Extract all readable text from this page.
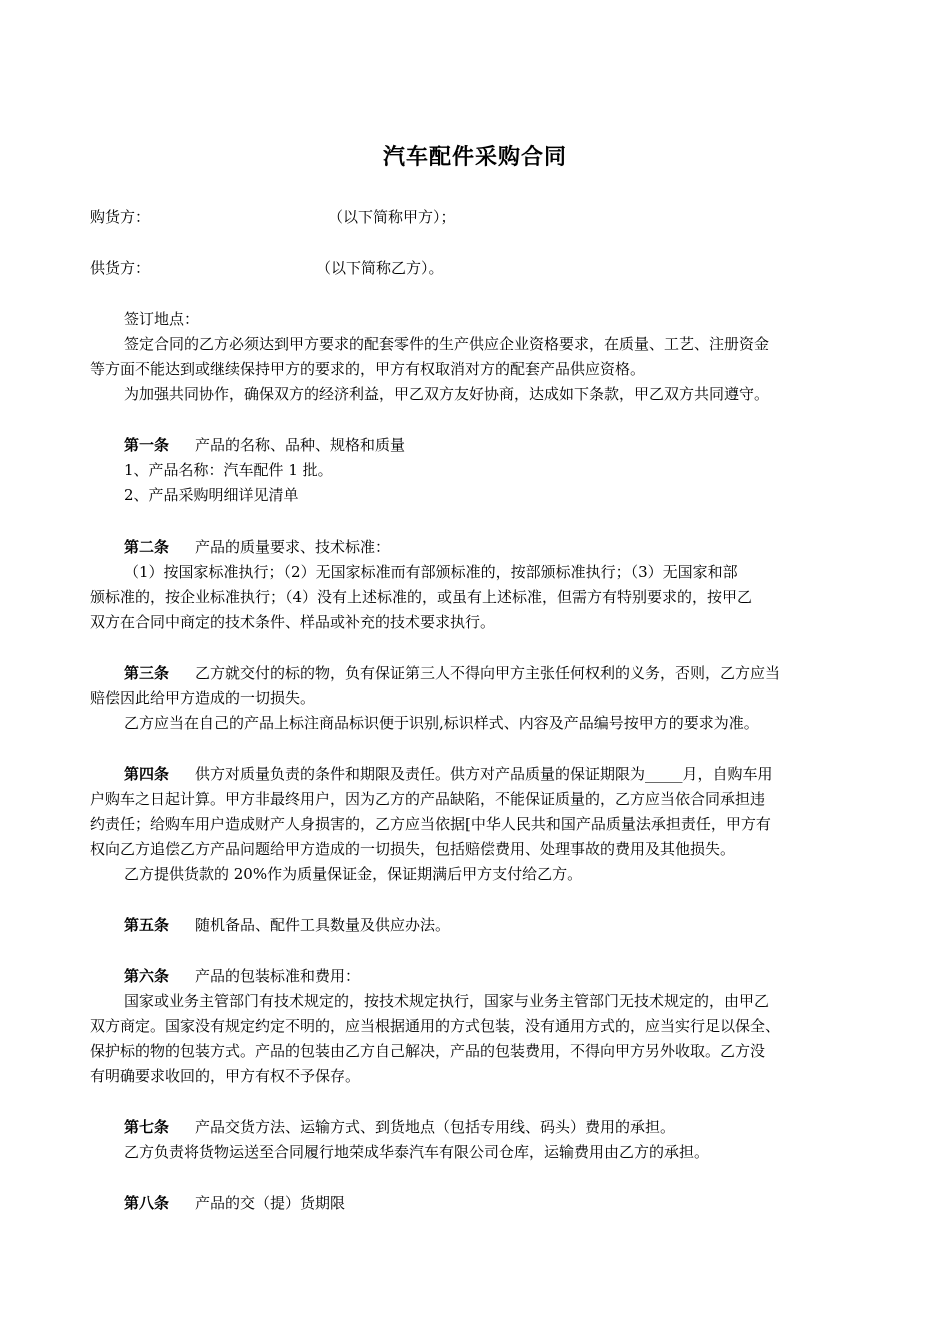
汽车配件采购合同
购货方：	（以下简称甲方）；
供货方：	（以下简称乙方）。
签订地点：
签定合同的乙方必须达到甲方要求的配套零件的生产供应企业资格要求，在质量、工艺、注册资金
等方面不能达到或继续保持甲方的要求的，甲方有权取消对方的配套产品供应资格。
为加强共同协作，确保双方的经济利益，甲乙双方友好协商，达成如下条款，甲乙双方共同遵守。
第一条 产品的名称、品种、规格和质量
1、产品名称：汽车配件 1 批。
2、产品采购明细详见清单
第二条 产品的质量要求、技术标准：
（1）按国家标准执行；（2）无国家标准而有部颁标准的，按部颁标准执行；（3）无国家和部
颁标准的，按企业标准执行；（4）没有上述标准的，或虽有上述标准，但需方有特别要求的，按甲乙
双方在合同中商定的技术条件、样品或补充的技术要求执行。
第三条 乙方就交付的标的物，负有保证第三人不得向甲方主张任何权利的义务，否则，乙方应当
赔偿因此给甲方造成的一切损失。
乙方应当在自己的产品上标注商品标识便于识别,标识样式、内容及产品编号按甲方的要求为准。
第四条 供方对质量负责的条件和期限及责任。供方对产品质量的保证期限为_____月，自购车用
户购车之日起计算。甲方非最终用户，因为乙方的产品缺陷，不能保证质量的，乙方应当依合同承担违
约责任；给购车用户造成财产人身损害的，乙方应当依据[中华人民共和国产品质量法承担责任，甲方有
权向乙方追偿乙方产品问题给甲方造成的一切损失，包括赔偿费用、处理事故的费用及其他损失。
乙方提供货款的 20%作为质量保证金，保证期满后甲方支付给乙方。
第五条 随机备品、配件工具数量及供应办法。
第六条 产品的包装标准和费用：
国家或业务主管部门有技术规定的，按技术规定执行，国家与业务主管部门无技术规定的，由甲乙
双方商定。国家没有规定约定不明的，应当根据通用的方式包装，没有通用方式的，应当实行足以保全、
保护标的物的包装方式。产品的包装由乙方自己解决，产品的包装费用，不得向甲方另外收取。乙方没
有明确要求收回的，甲方有权不予保存。
第七条 产品交货方法、运输方式、到货地点（包括专用线、码头）费用的承担。
乙方负责将货物运送至合同履行地荣成华泰汽车有限公司仓库，运输费用由乙方的承担。
第八条 产品的交（提）货期限
